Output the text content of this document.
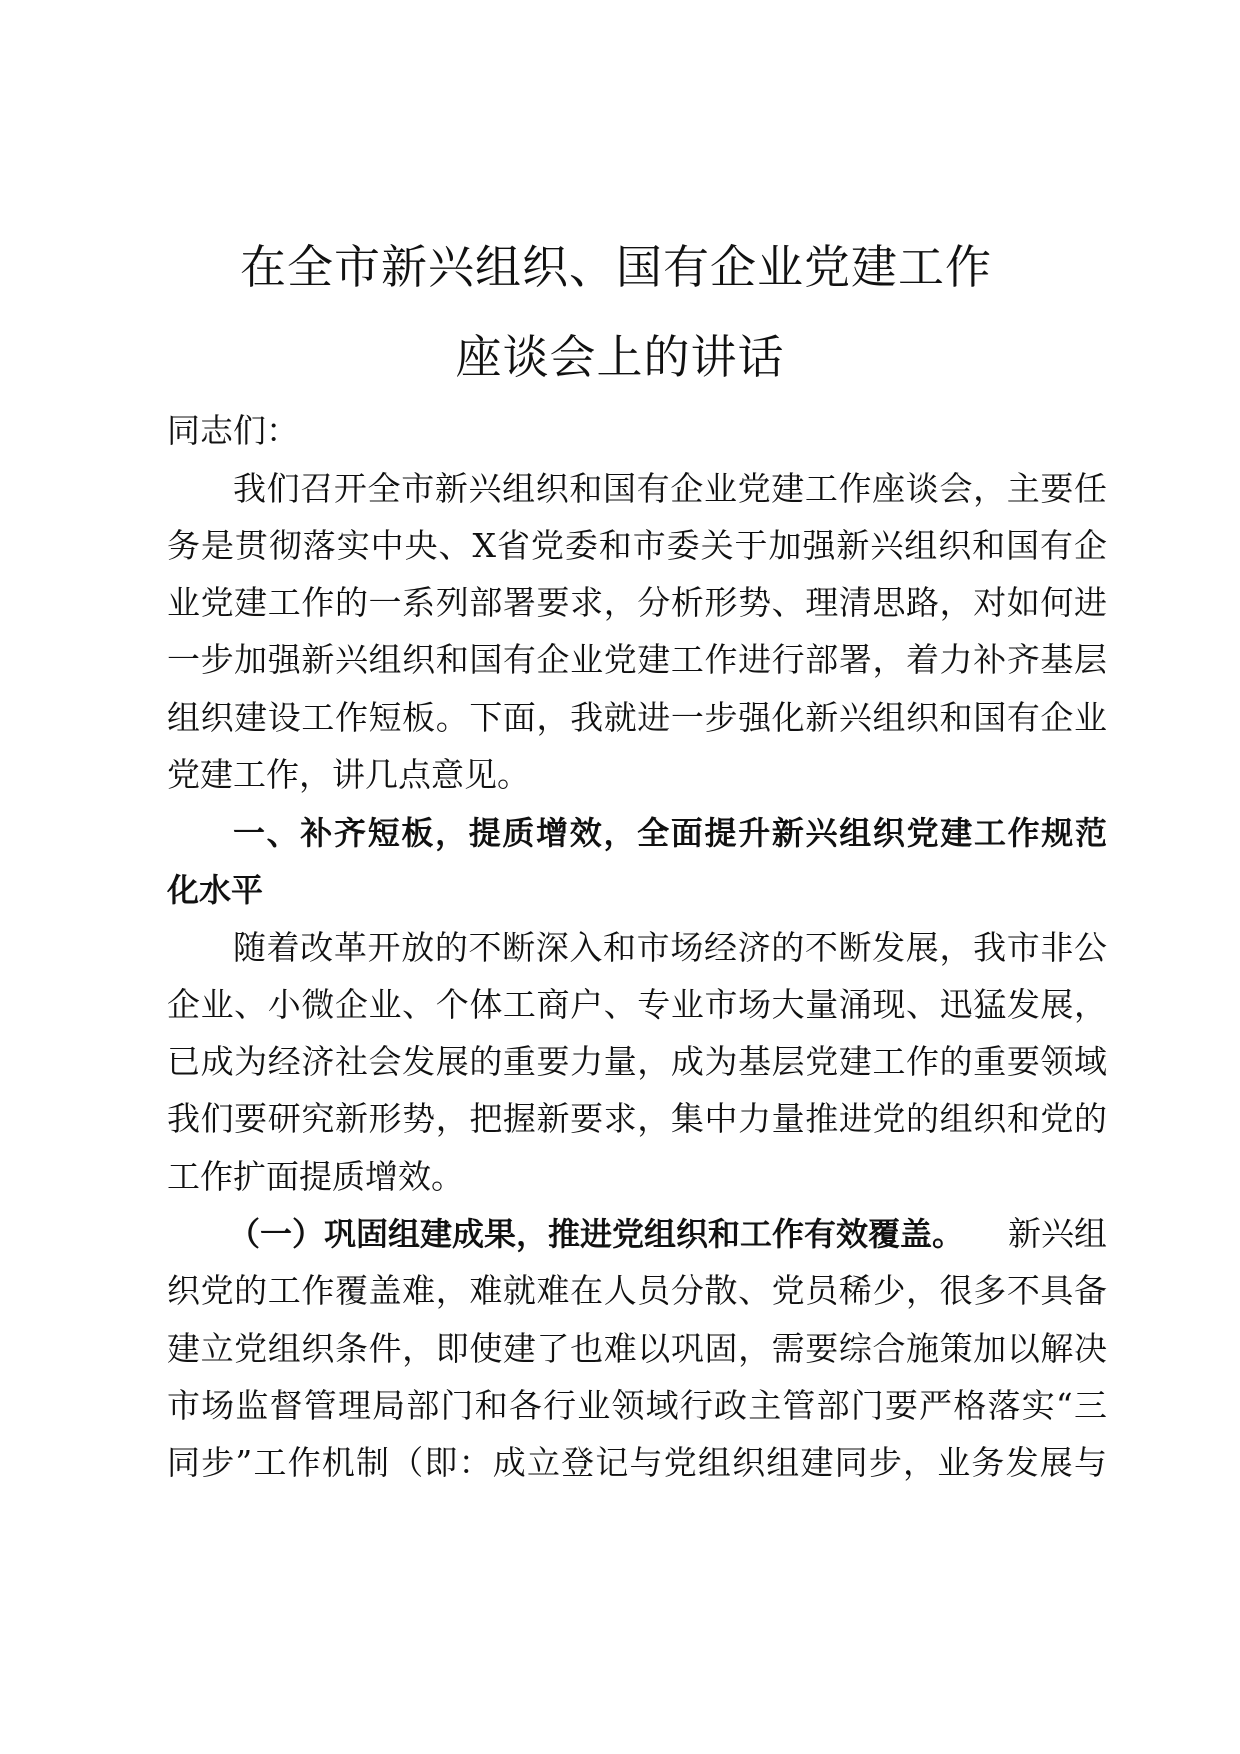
在全市新兴组织、国有企业党建工作
座谈会上的讲话
同志们：
我们召开全市新兴组织和国有企业党建工作座谈会，主要任
务是贯彻落实中央、X省党委和市委关于加强新兴组织和国有企
业党建工作的一系列部署要求，分析形势、理清思路，对如何进
一步加强新兴组织和国有企业党建工作进行部署，着力补齐基层
组织建设工作短板。下面，我就进一步强化新兴组织和国有企业
党建工作，讲几点意见。
一、补齐短板，提质增效，全面提升新兴组织党建工作规范
化水平
随着改革开放的不断深入和市场经济的不断发展，我市非公
企业、小微企业、个体工商户、专业市场大量涌现、迅猛发展，
已成为经济社会发展的重要力量，成为基层党建工作的重要领域
我们要研究新形势，把握新要求，集中力量推进党的组织和党的
工作扩面提质增效。
（一）巩固组建成果，推进党组织和工作有效覆盖。 新兴组
织党的工作覆盖难，难就难在人员分散、党员稀少，很多不具备
建立党组织条件，即使建了也难以巩固，需要综合施策加以解决
市场监督管理局部门和各行业领域行政主管部门要严格落实“三
同步”工作机制（即：成立登记与党组织组建同步，业务发展与
